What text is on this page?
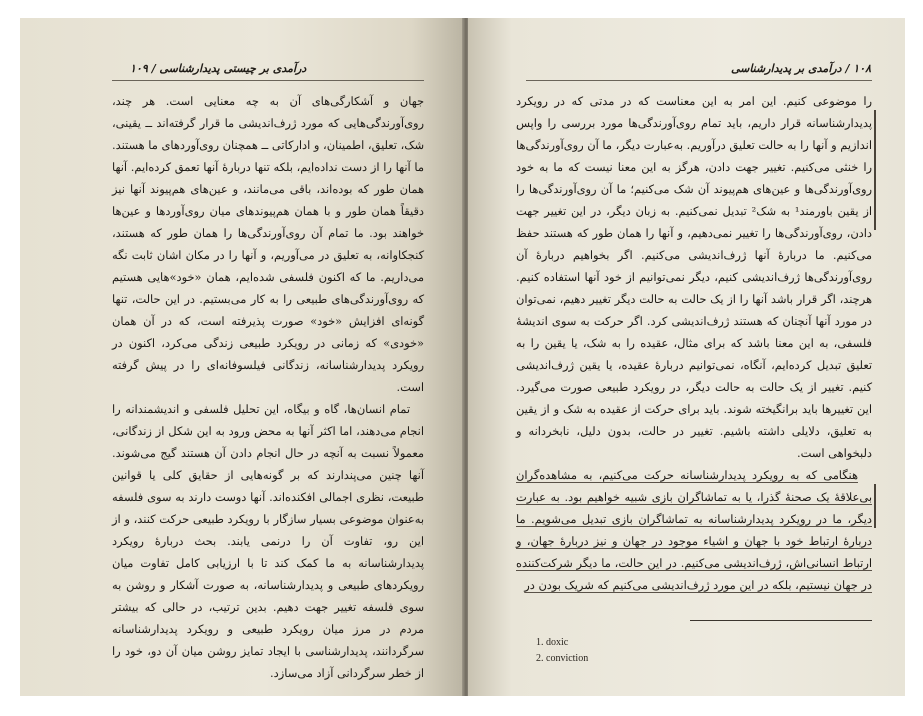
درآمدی بر چیستی پدیدارشناسی / ۱۰۹

جهان و آشکارگی‌های آن به چه معنایی است. هر چند، روی‌آورندگی‌هایی که مورد ژرف‌اندیشی ما قرار گرفته‌اند ــ یقینی، شک، تعلیق، اطمینان، و ادارکاتی ــ همچنان روی‌آوردهای ما هستند. ما آنها را از دست نداده‌ایم، بلکه تنها دربارهٔ آنها تعمق کرده‌ایم. آنها همان طور که بوده‌اند، باقی می‌مانند، و عین‌های هم‌پیوند آنها نیز دقیقاً همان طور و با همان هم‌پیوندهای میان روی‌آوردها و عین‌ها خواهند بود. ما تمام آن روی‌آورندگی‌ها را همان طور که هستند، کنجکاوانه، به تعلیق در می‌آوریم، و آنها را در مکان اشان ثابت نگه می‌داریم. ما که اکنون فلسفی شده‌ایم، همان «خود»هایی هستیم که روی‌آورندگی‌های طبیعی را به کار می‌بستیم. در این حالت، تنها گونه‌ای افزایش «خود» صورت پذیرفته است، که در آن همان «خودی» که زمانی در رویکرد طبیعی زندگی می‌کرد، اکنون در رویکرد پدیدارشناسانه، زندگانی فیلسوفانه‌ای را در پیش گرفته است.

تمام انسان‌ها، گاه و بیگاه، این تحلیل فلسفی و اندیشمندانه را انجام می‌دهند، اما اکثر آنها به محض ورود به این شکل از زندگانی، معمولاً نسبت به آنچه در حال انجام دادن آن هستند گیج می‌شوند. آنها چنین می‌پندارند که بر گونه‌هایی از حقایق کلی یا قوانین طبیعت، نظری اجمالی افکنده‌اند. آنها دوست دارند به سوی فلسفه به‌عنوان موضوعی بسیار سازگار با رویکرد طبیعی حرکت کنند، و از این رو، تفاوت آن را درنمی یابند. بحث دربارهٔ رویکرد پدیدارشناسانه به ما کمک کند تا با ارزیابی کامل تفاوت میان رویکردهای طبیعی و پدیدارشناسانه، به صورت آشکار و روشن به سوی فلسفه تغییر جهت دهیم. بدین ترتیب، در حالی که بیشتر مردم در مرز میان رویکرد طبیعی و رویکرد پدیدارشناسانه سرگردانند، پدیدارشناسی با ایجاد تمایز روشن میان آن دو، خود را از خطر سرگردانی آزاد می‌سازد.

۱۰۸ / درآمدی بر پدیدارشناسی

را موضوعی کنیم. این امر به این معناست که در مدتی که در رویکرد پدیدارشناسانه قرار داریم، باید تمام روی‌آورندگی‌ها مورد بررسی را واپس اندازیم و آنها را به حالت تعلیق درآوریم. به‌عبارت دیگر، ما آن روی‌آورندگی‌ها را خنثی می‌کنیم. تغییر جهت دادن، هرگز به این معنا نیست که ما به خود روی‌آورندگی‌ها و عین‌های هم‌پیوند آن شک می‌کنیم؛ ما آن روی‌آورندگی‌ها را از یقین باورمند¹ به شک² تبدیل نمی‌کنیم. به زبان دیگر، در این تغییر جهت دادن، روی‌آورندگی‌ها را تغییر نمی‌دهیم، و آنها را همان طور که هستند حفظ می‌کنیم. ما دربارهٔ آنها ژرف‌اندیشی می‌کنیم. اگر بخواهیم دربارهٔ آن روی‌آورندگی‌ها ژرف‌اندیشی کنیم، دیگر نمی‌توانیم از خود آنها استفاده کنیم. هرچند، اگر قرار باشد آنها را از یک حالت به حالت دیگر تغییر دهیم، نمی‌توان در مورد آنها آنچنان که هستند ژرف‌اندیشی کرد. اگر حرکت به سوی اندیشهٔ فلسفی، به این معنا باشد که برای مثال، عقیده را به شک، یا یقین را به تعلیق تبدیل کرده‌ایم، آنگاه، نمی‌توانیم دربارهٔ عقیده، یا یقین ژرف‌اندیشی کنیم. تغییر از یک حالت به حالت دیگر، در رویکرد طبیعی صورت می‌گیرد. این تغییرها باید برانگیخته شوند. باید برای حرکت از عقیده به شک و از یقین به تعلیق، دلایلی داشته باشیم. تغییر در حالت، بدون دلیل، نابخردانه و دلبخواهی است.

هنگامی که به رویکرد پدیدارشناسانه حرکت می‌کنیم، به مشاهده‌گران بی‌علاقهٔ یک صحنهٔ گذرا، یا به تماشاگران بازی شبیه خواهیم بود. به عبارت دیگر، ما در رویکرد پدیدارشناسانه به تماشاگران بازی تبدیل می‌شویم. ما دربارهٔ ارتباط خود با جهان و اشیاء موجود در جهان و نیز دربارهٔ جهان، و ارتباط انسانی‌اش، ژرف‌اندیشی می‌کنیم. در این حالت، ما دیگر شرکت‌کننده در جهان نیستیم، بلکه در این مورد ژرف‌اندیشی می‌کنیم که شریک بودن در

1. doxic
2. conviction
